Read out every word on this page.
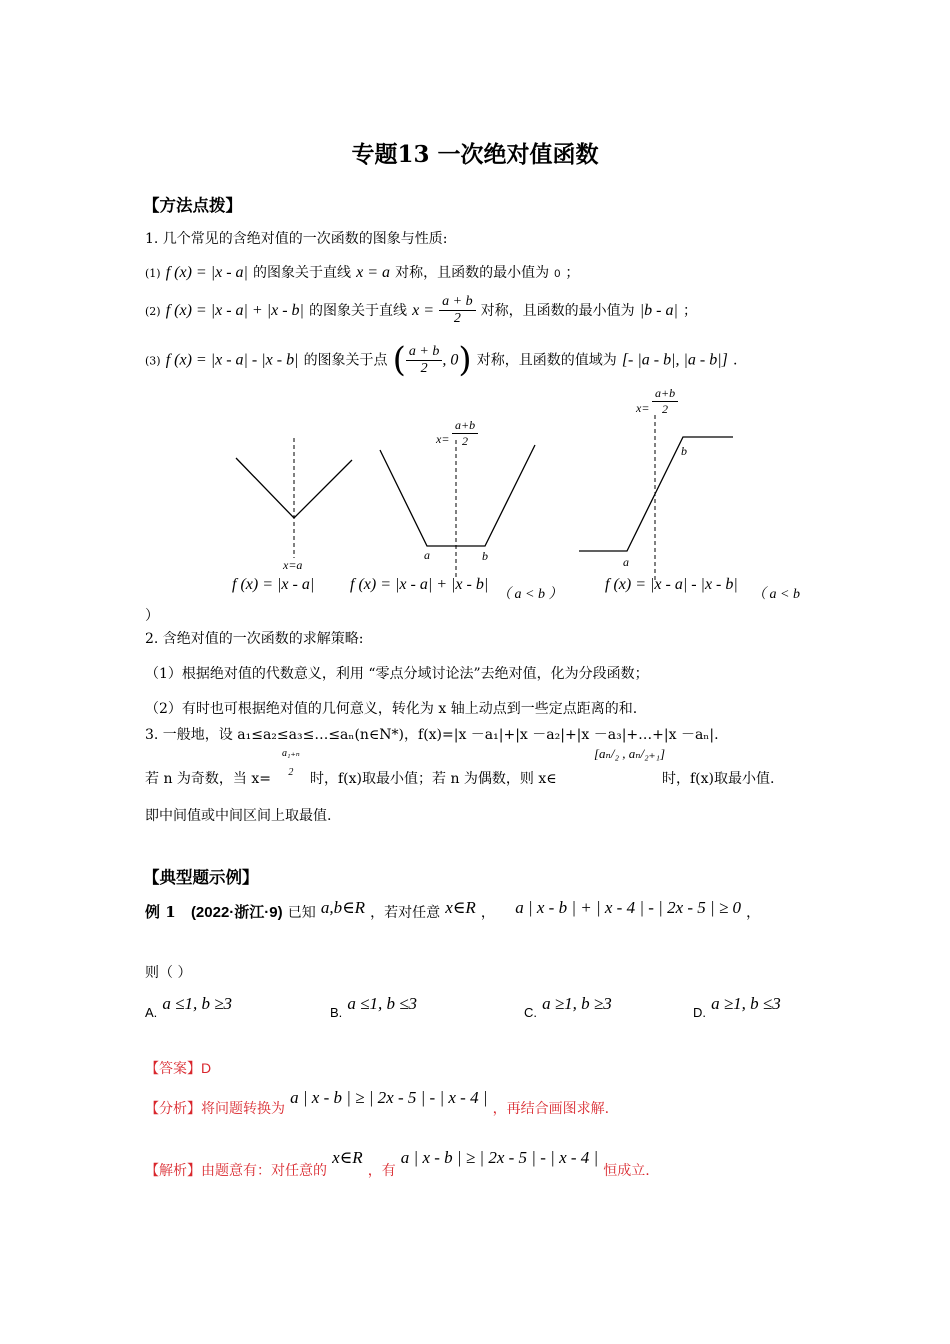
专题13 一次绝对值函数
【方法点拨】
1. 几个常见的含绝对值的一次函数的图象与性质:
(1) f (x) = |x - a| 的图象关于直线 x = a 对称，且函数的最小值为 0 ；
(2) f (x) = |x - a| + |x - b| 的图象关于直线 $x = \frac{a + b}{2}$ 对称，且函数的最小值为 |b - a| ；
(3) f (x) = |x - a| - |x - b| 的图象关于点 ( $\frac{a + b}{2}$ , 0) 对称，且函数的值域为 [- |a - b|, |a - b|] .
x=a
f (x) = |x - a|
$x= \frac{a+b}{2}$
a	b
f (x) = |x - a| + |x - b|
（ a < b ）
$x= \frac{a+b}{2}$
a
b
f (x) = |x - a| - |x - b|
（ a < b
）
2. 含绝对值的一次函数的求解策略:
（1）根据绝对值的代数意义，利用 “零点分域讨论法”去绝对值，化为分段函数；
（2）有时也可根据绝对值的几何意义，转化为 x 轴上动点到一些定点距离的和.
3. 一般地，设 a₁≤a₂≤a₃≤…≤aₙ(n∈N*)，f(x)=|x －a₁|+|x －a₂|+|x －a₃|+…+|x －aₙ|.
若 n 为奇数，当 x=
a₁₊ₙ
2	时，f(x)取最小值；若 n 为偶数，则 x∈
[aₙ/₂ , aₙ/₂₊₁]
时，f(x)取最小值.
即中间值或中间区间上取最值.
【典型题示例】
例 1 (2022·浙江·9) 已知 a,b∈R ，若对任意 x∈R ， a | x - b | + | x - 4 | - | 2x - 5 | ≥ 0 ，
则（ ）
$_{A.}$ a ≤1, b ≥3	$_{B.}$ a ≤1, b ≤3	$_{C.}$ a ≥1, b ≥3	$_{D.}$ a ≥1, b ≤3
【答案】D
【分析】将问题转换为 a | x - b | ≥ | 2x - 5 | - | x - 4 | ，再结合画图求解.
【解析】由题意有：对任意的 x∈R ，有 a | x - b | ≥ | 2x - 5 | - | x - 4 | 恒成立.
